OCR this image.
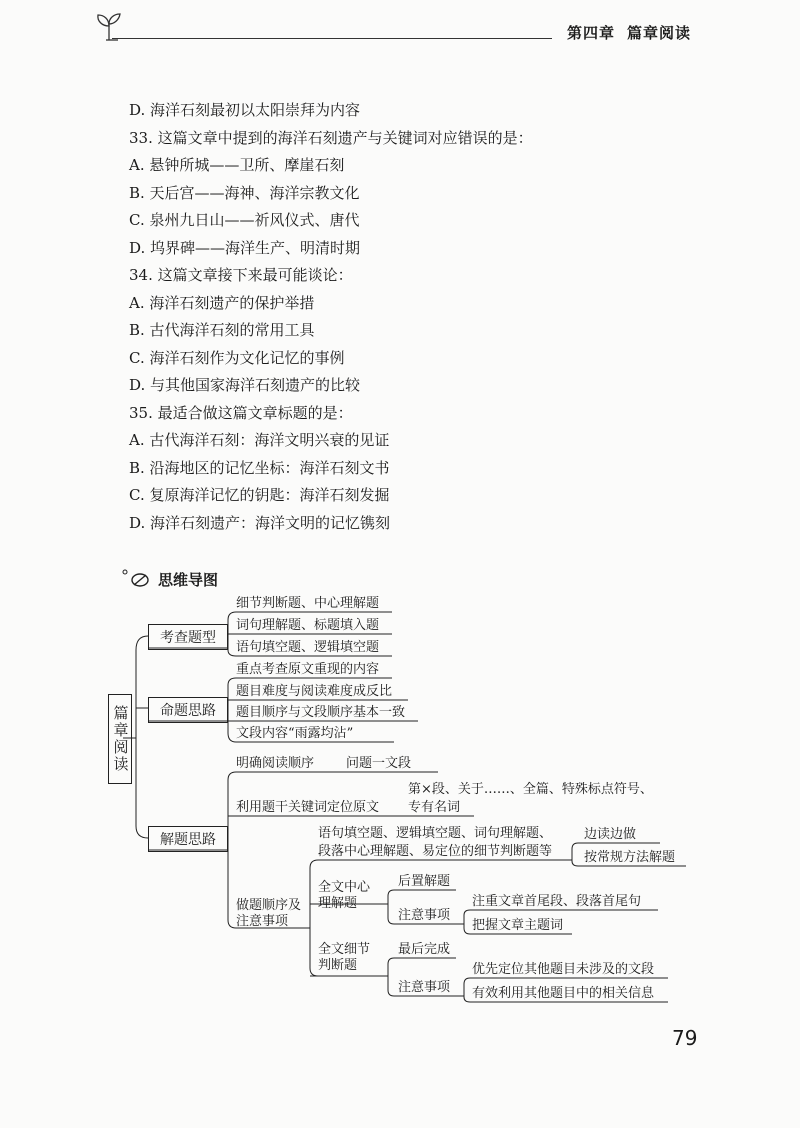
第四章 篇章阅读
D. 海洋石刻最初以太阳崇拜为内容
33. 这篇文章中提到的海洋石刻遗产与关键词对应错误的是：
A. 悬钟所城——卫所、摩崖石刻
B. 天后宫——海神、海洋宗教文化
C. 泉州九日山——祈风仪式、唐代
D. 坞界碑——海洋生产、明清时期
34. 这篇文章接下来最可能谈论：
A. 海洋石刻遗产的保护举措
B. 古代海洋石刻的常用工具
C. 海洋石刻作为文化记忆的事例
D. 与其他国家海洋石刻遗产的比较
35. 最适合做这篇文章标题的是：
A. 古代海洋石刻：海洋文明兴衰的见证
B. 沿海地区的记忆坐标：海洋石刻文书
C. 复原海洋记忆的钥匙：海洋石刻发掘
D. 海洋石刻遗产：海洋文明的记忆镌刻
思维导图
篇章阅读
考查题型
命题思路
解题思路
细节判断题、中心理解题
词句理解题、标题填入题
语句填空题、逻辑填空题
重点考查原文重现的内容
题目难度与阅读难度成反比
题目顺序与文段顺序基本一致
文段内容“雨露均沾”
明确阅读顺序 问题一文段
利用题干关键词定位原文
第×段、关于……、全篇、特殊标点符号、
专有名词
做题顺序及
注意事项
语句填空题、逻辑填空题、词句理解题、
段落中心理解题、易定位的细节判断题等
边读边做
按常规方法解题
全文中心
理解题
后置解题
注意事项
注重文章首尾段、段落首尾句
把握文章主题词
全文细节
判断题
最后完成
注意事项
优先定位其他题目未涉及的文段
有效利用其他题目中的相关信息
79
